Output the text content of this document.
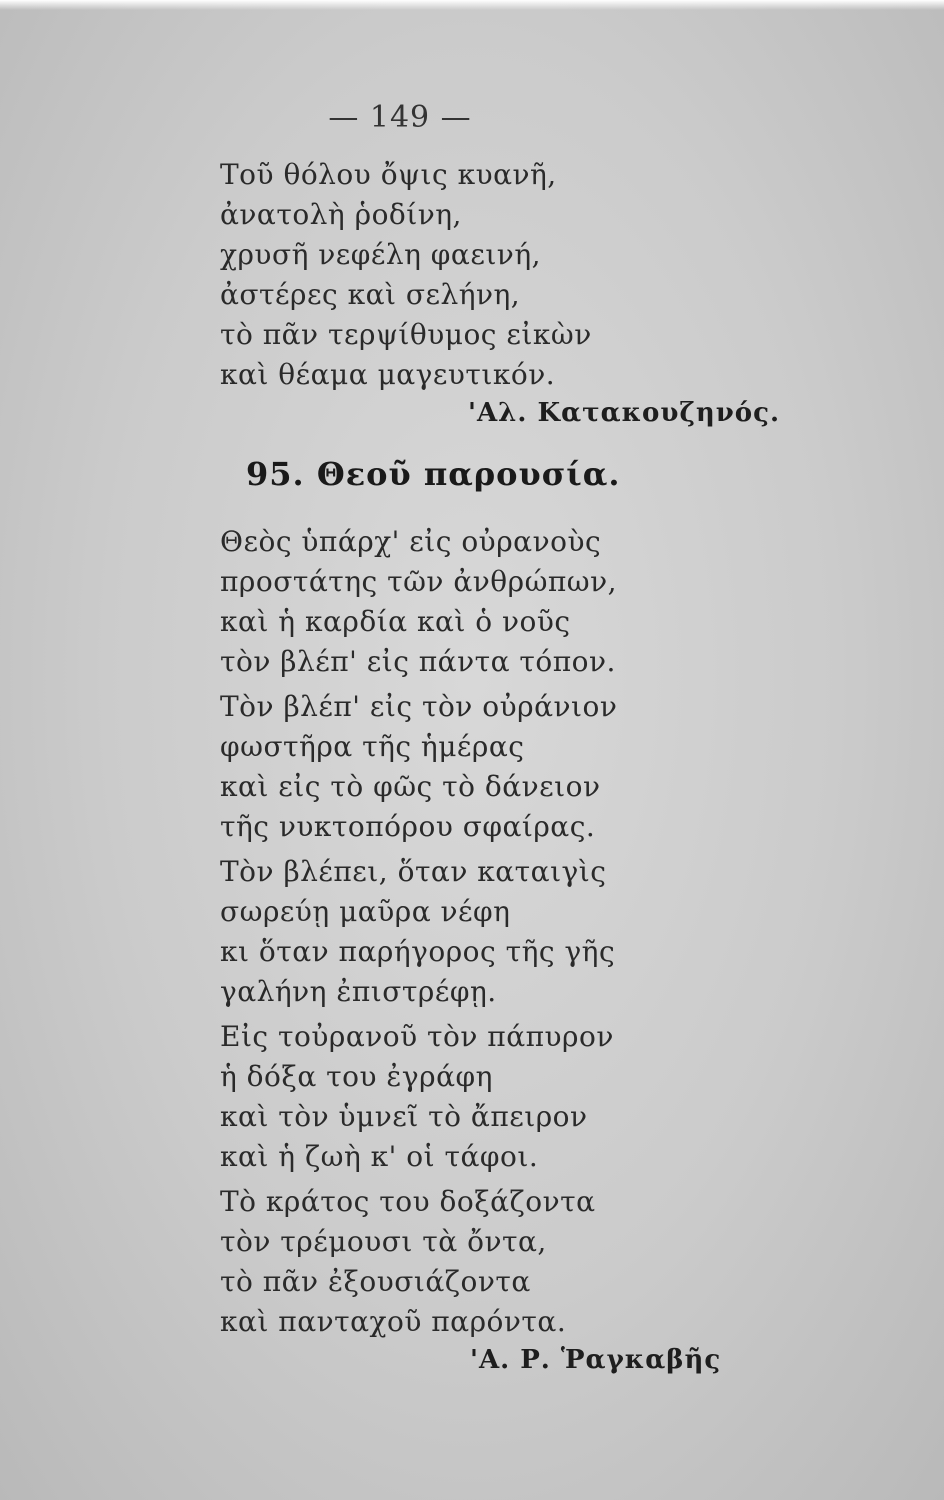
— 149 —
Τοῦ θόλου ὄψις κυανῆ,
ἀνατολὴ ῥοδίνη,
χρυσῆ νεφέλη φαεινή,
ἀστέρες καὶ σελήνη,
τὸ πᾶν τερψίθυμος εἰκὼν
καὶ θέαμα μαγευτικόν.
'Αλ. Κατακουζηνός.
95. Θεοῦ παρουσία.
Θεὸς ὑπάρχ' εἰς οὐρανοὺς
προστάτης τῶν ἀνθρώπων,
καὶ ἡ καρδία καὶ ὁ νοῦς
τὸν βλέπ' εἰς πάντα τόπον.
Τὸν βλέπ' εἰς τὸν οὐράνιον
φωστῆρα τῆς ἡμέρας
καὶ εἰς τὸ φῶς τὸ δάνειον
τῆς νυκτοπόρου σφαίρας.
Τὸν βλέπει, ὅταν καταιγὶς
σωρεύῃ μαῦρα νέφη
κι ὅταν παρήγορος τῆς γῆς
γαλήνη ἐπιστρέφῃ.
Εἰς τοὐρανοῦ τὸν πάπυρον
ἡ δόξα του ἐγράφη
καὶ τὸν ὑμνεῖ τὸ ἄπειρον
καὶ ἡ ζωὴ κ' οἱ τάφοι.
Τὸ κράτος του δοξάζοντα
τὸν τρέμουσι τὰ ὄντα,
τὸ πᾶν ἐξουσιάζοντα
καὶ πανταχοῦ παρόντα.
'Α. Ρ. Ῥαγκαβῆς
